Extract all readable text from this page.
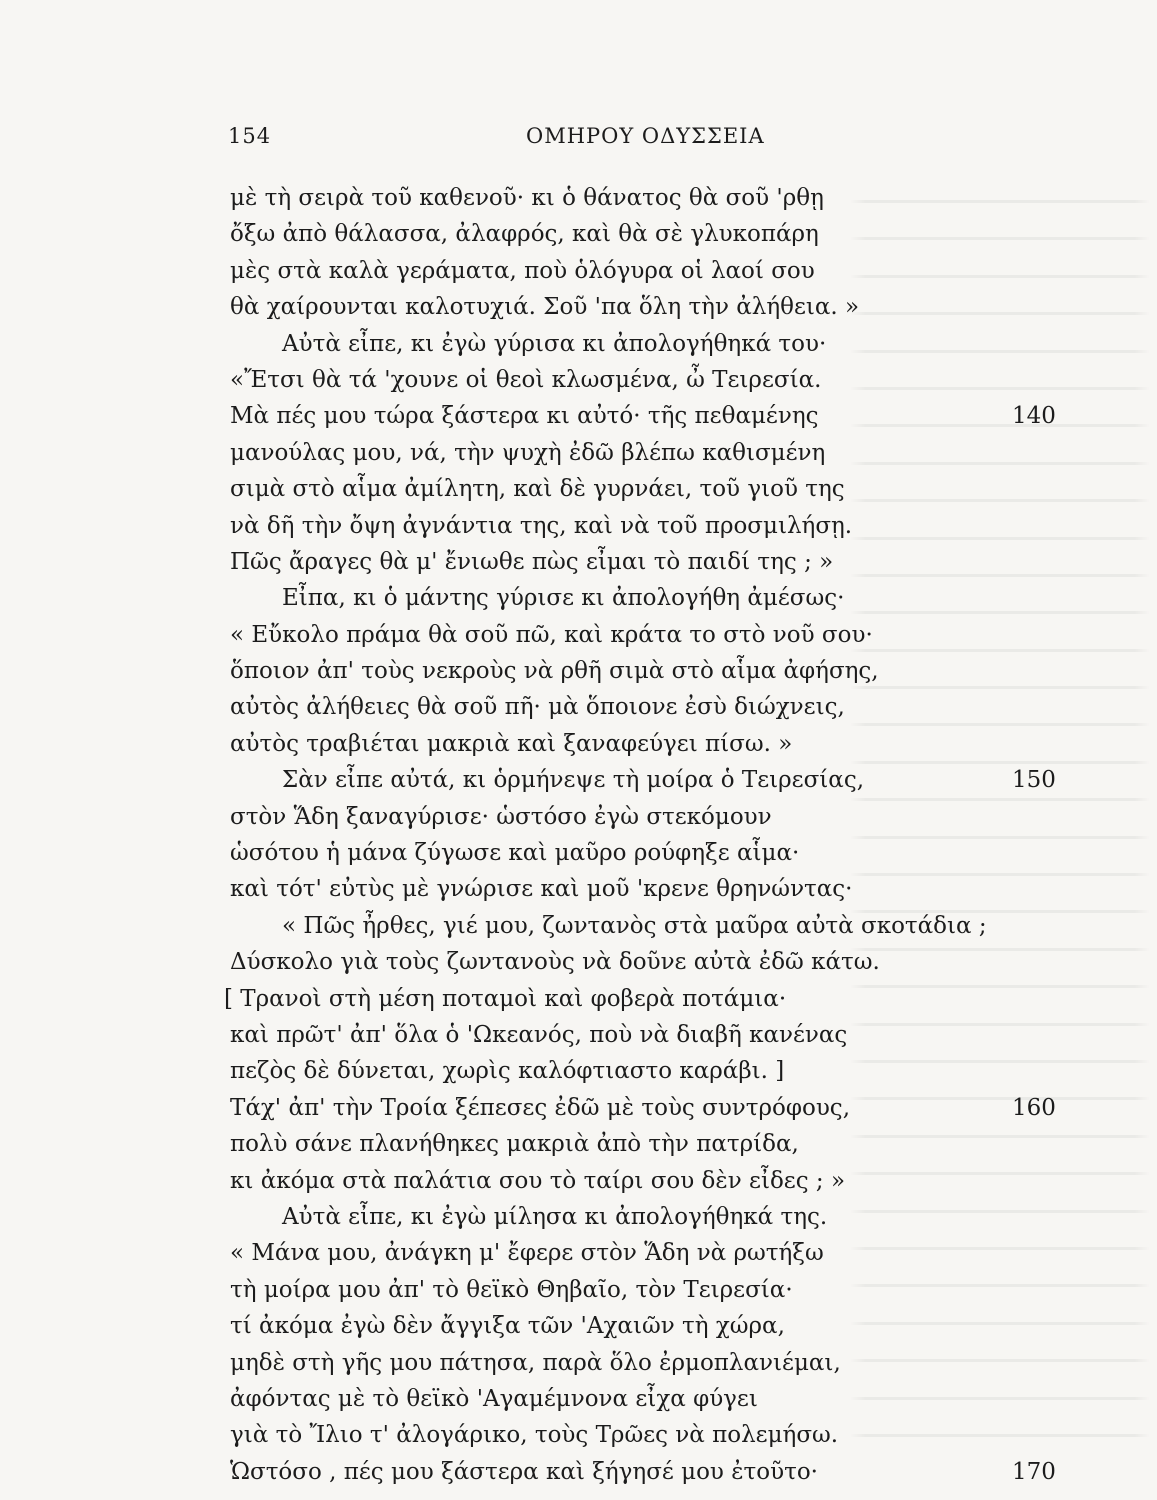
154	ΟΜΗΡΟΥ ΟΔΥΣΣΕΙΑ
μὲ τὴ σειρὰ τοῦ καθενοῦ· κι ὁ θάνατος θὰ σοῦ 'ρθῃ
ὄξω ἀπὸ θάλασσα, ἀλαφρός, καὶ θὰ σὲ γλυκοπάρη
μὲς στὰ καλὰ γεράματα, ποὺ ὁλόγυρα οἱ λαοί σου
θὰ χαίρουνται καλοτυχιά. Σοῦ 'πα ὅλη τὴν ἀλήθεια. »
Αὐτὰ εἶπε, κι ἐγὼ γύρισα κι ἀπολογήθηκά του·
«Ἔτσι θὰ τά 'χουνε οἱ θεοὶ κλωσμένα, ὦ Τειρεσία.
Μὰ πές μου τώρα ξάστερα κι αὐτό· τῆς πεθαμένης	140
μανούλας μου, νά, τὴν ψυχὴ ἐδῶ βλέπω καθισμένη
σιμὰ στὸ αἷμα ἀμίλητη, καὶ δὲ γυρνάει, τοῦ γιοῦ της
νὰ δῆ τὴν ὄψη ἀγνάντια της, καὶ νὰ τοῦ προσμιλήσῃ.
Πῶς ἄραγες θὰ μ' ἔνιωθε πὼς εἶμαι τὸ παιδί της ; »
Εἶπα, κι ὁ μάντης γύρισε κι ἀπολογήθη ἀμέσως·
« Εὔκολο πράμα θὰ σοῦ πῶ, καὶ κράτα το στὸ νοῦ σου·
ὅποιον ἀπ' τοὺς νεκροὺς νὰ ρθῆ σιμὰ στὸ αἷμα ἀφήσης,
αὐτὸς ἀλήθειες θὰ σοῦ πῆ· μὰ ὅποιονε ἐσὺ διώχνεις,
αὐτὸς τραβιέται μακριὰ καὶ ξαναφεύγει πίσω. »
Σὰν εἶπε αὐτά, κι ὁρμήνεψε τὴ μοίρα ὁ Τειρεσίας,	150
στὸν Ἅδη ξαναγύρισε· ὡστόσο ἐγὼ στεκόμουν
ὡσότου ἡ μάνα ζύγωσε καὶ μαῦρο ρούφηξε αἷμα·
καὶ τότ' εὐτὺς μὲ γνώρισε καὶ μοῦ 'κρενε θρηνώντας·
« Πῶς ἦρθες, γιέ μου, ζωντανὸς στὰ μαῦρα αὐτὰ σκοτάδια ;
Δύσκολο γιὰ τοὺς ζωντανοὺς νὰ δοῦνε αὐτὰ ἐδῶ κάτω.
[ Τρανοὶ στὴ μέση ποταμοὶ καὶ φοβερὰ ποτάμια·
καὶ πρῶτ' ἀπ' ὅλα ὁ 'Ωκεανός, ποὺ νὰ διαβῆ κανένας
πεζὸς δὲ δύνεται, χωρὶς καλόφτιαστο καράβι. ]
Τάχ' ἀπ' τὴν Τροία ξέπεσες ἐδῶ μὲ τοὺς συντρόφους,	160
πολὺ σάνε πλανήθηκες μακριὰ ἀπὸ τὴν πατρίδα,
κι ἀκόμα στὰ παλάτια σου τὸ ταίρι σου δὲν εἶδες ; »
Αὐτὰ εἶπε, κι ἐγὼ μίλησα κι ἀπολογήθηκά της.
« Μάνα μου, ἀνάγκη μ' ἔφερε στὸν Ἅδη νὰ ρωτήξω
τὴ μοίρα μου ἀπ' τὸ θεϊκὸ Θηβαῖο, τὸν Τειρεσία·
τί ἀκόμα ἐγὼ δὲν ἄγγιξα τῶν 'Αχαιῶν τὴ χώρα,
μηδὲ στὴ γῆς μου πάτησα, παρὰ ὅλο ἐρμοπλανιέμαι,
ἀφόντας μὲ τὸ θεϊκὸ 'Αγαμέμνονα εἶχα φύγει
γιὰ τὸ Ἴλιο τ' ἀλογάρικο, τοὺς Τρῶες νὰ πολεμήσω.
Ὡστόσο , πές μου ξάστερα καὶ ξήγησέ μου ἐτοῦτο·	170
